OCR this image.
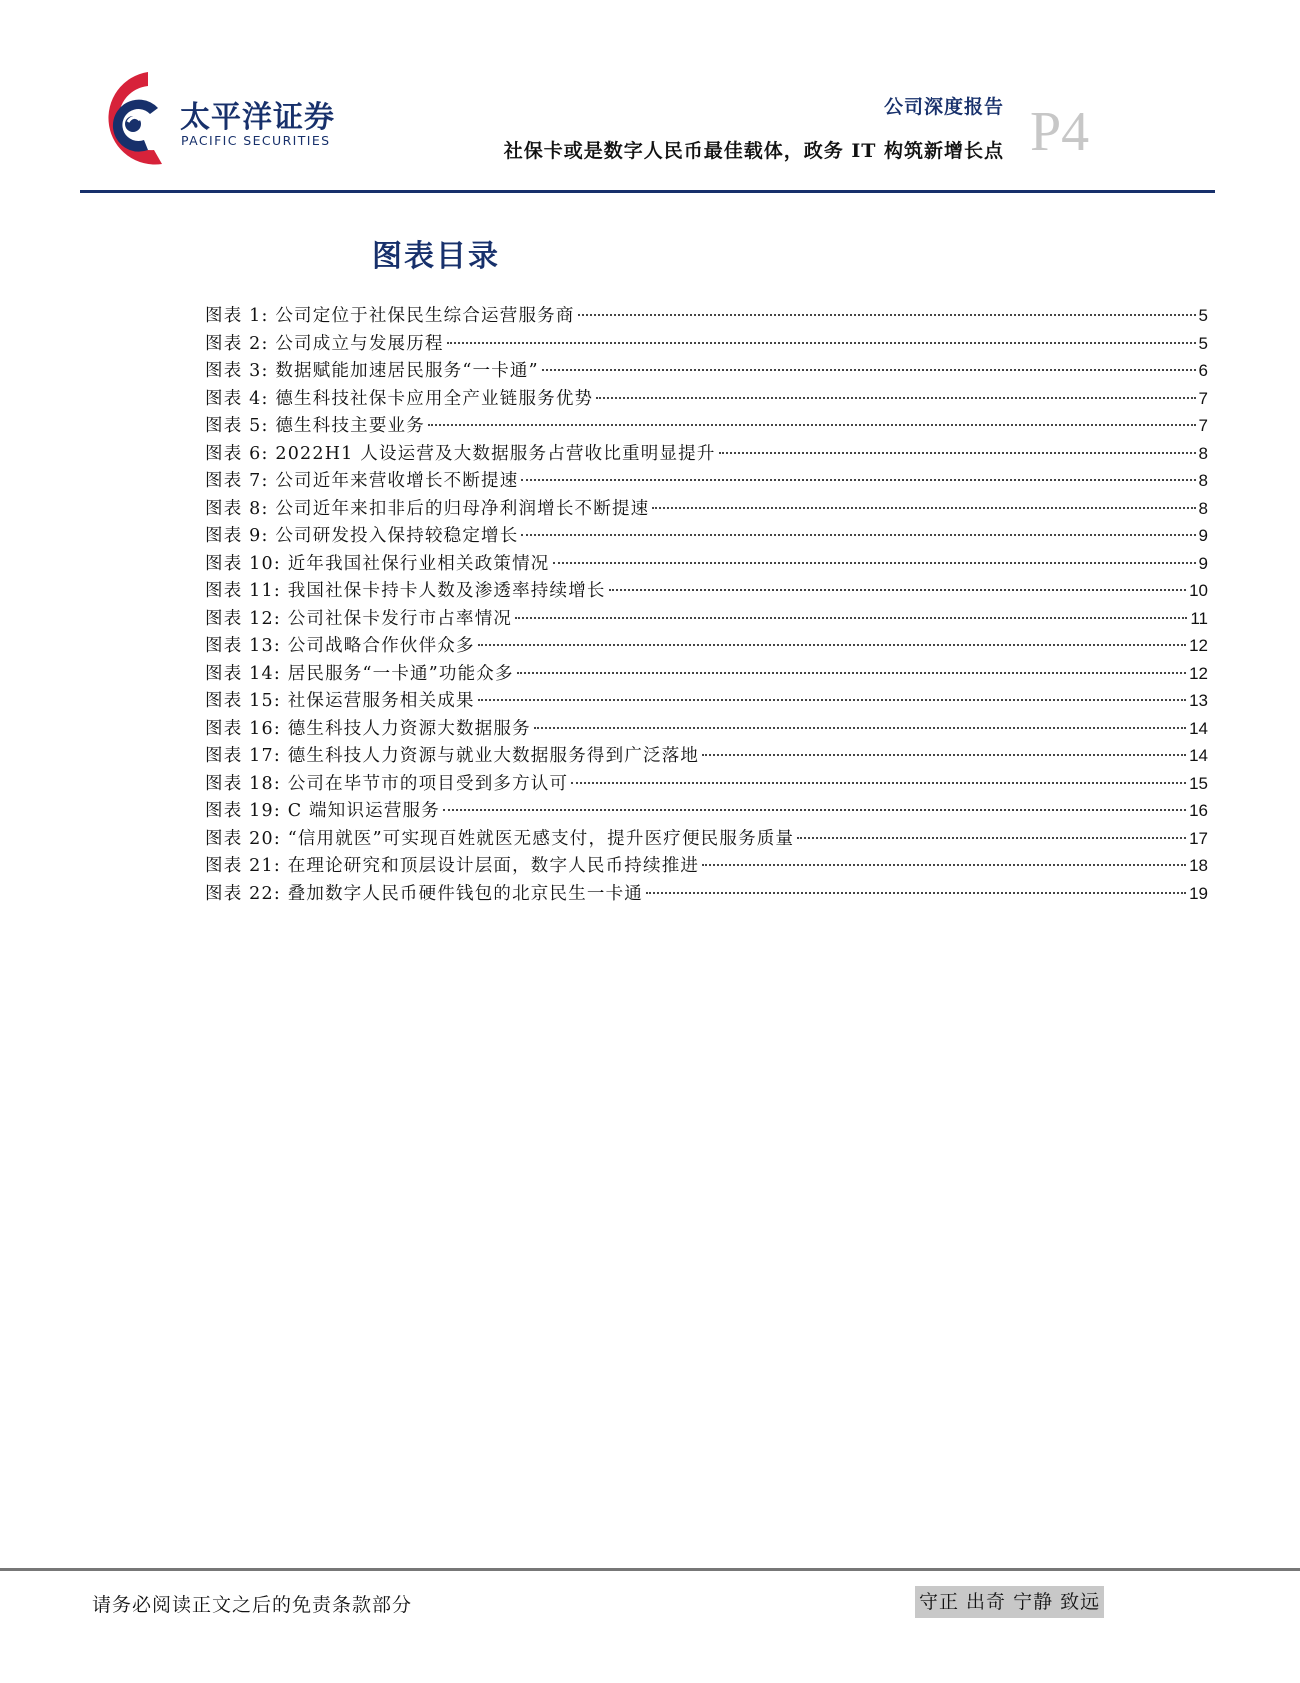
太平洋证券
PACIFIC SECURITIES
公司深度报告
社保卡或是数字人民币最佳载体，政务 IT 构筑新增长点 P4
图表目录
图表 1: 公司定位于社保民生综合运营服务商	5
图表 2: 公司成立与发展历程	5
图表 3: 数据赋能加速居民服务“一卡通”	6
图表 4: 德生科技社保卡应用全产业链服务优势	7
图表 5: 德生科技主要业务	7
图表 6: 2022H1 人设运营及大数据服务占营收比重明显提升	8
图表 7: 公司近年来营收增长不断提速	8
图表 8: 公司近年来扣非后的归母净利润增长不断提速	8
图表 9: 公司研发投入保持较稳定增长	9
图表 10: 近年我国社保行业相关政策情况	9
图表 11: 我国社保卡持卡人数及渗透率持续增长	10
图表 12: 公司社保卡发行市占率情况	11
图表 13: 公司战略合作伙伴众多	12
图表 14: 居民服务“一卡通”功能众多	12
图表 15: 社保运营服务相关成果	13
图表 16: 德生科技人力资源大数据服务	14
图表 17: 德生科技人力资源与就业大数据服务得到广泛落地	14
图表 18: 公司在毕节市的项目受到多方认可	15
图表 19: C 端知识运营服务	16
图表 20: “信用就医”可实现百姓就医无感支付，提升医疗便民服务质量	17
图表 21: 在理论研究和顶层设计层面，数字人民币持续推进	18
图表 22: 叠加数字人民币硬件钱包的北京民生一卡通	19
请务必阅读正文之后的免责条款部分	守正 出奇 宁静 致远
